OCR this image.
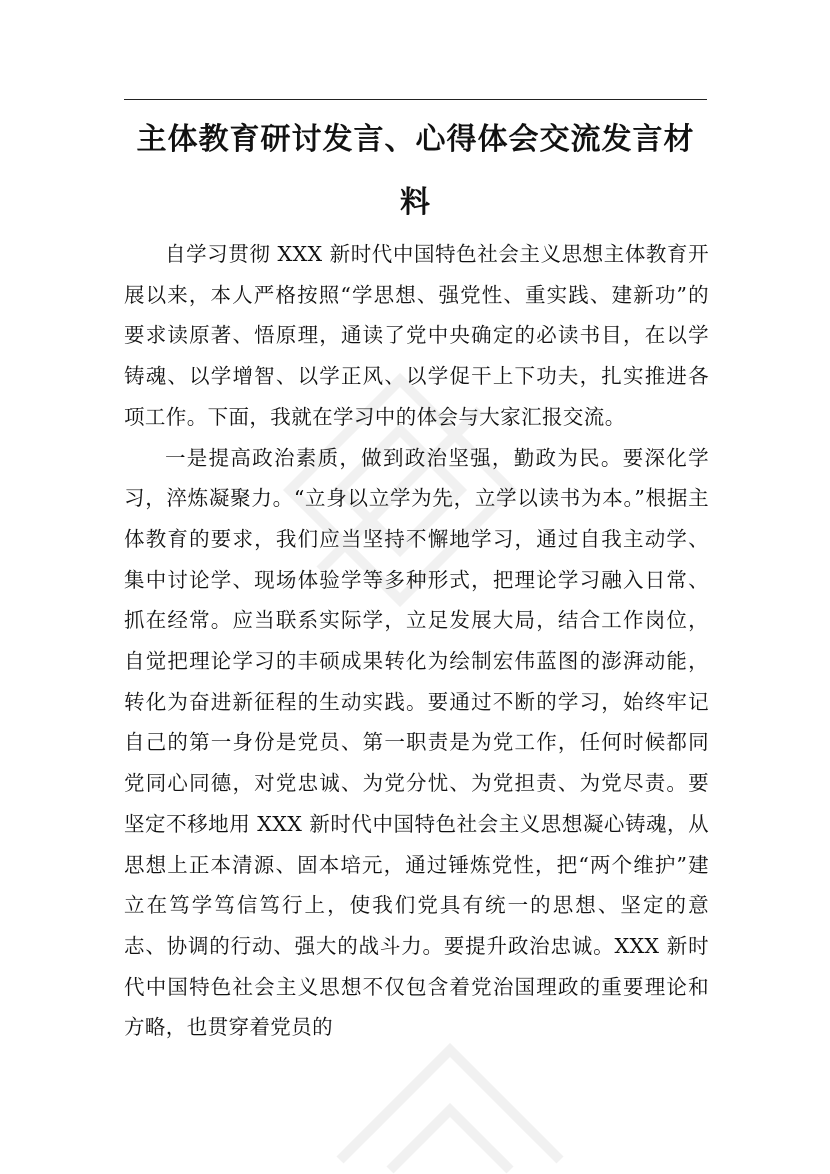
主体教育研讨发言、心得体会交流发言材料

自学习贯彻 XXX 新时代中国特色社会主义思想主体教育开展以来，本人严格按照“学思想、强党性、重实践、建新功”的要求读原著、悟原理，通读了党中央确定的必读书目，在以学铸魂、以学增智、以学正风、以学促干上下功夫，扎实推进各项工作。下面，我就在学习中的体会与大家汇报交流。

一是提高政治素质，做到政治坚强，勤政为民。要深化学习，淬炼凝聚力。“立身以立学为先，立学以读书为本。”根据主体教育的要求，我们应当坚持不懈地学习，通过自我主动学、集中讨论学、现场体验学等多种形式，把理论学习融入日常、抓在经常。应当联系实际学，立足发展大局，结合工作岗位，自觉把理论学习的丰硕成果转化为绘制宏伟蓝图的澎湃动能，转化为奋进新征程的生动实践。要通过不断的学习，始终牢记自己的第一身份是党员、第一职责是为党工作，任何时候都同党同心同德，对党忠诚、为党分忧、为党担责、为党尽责。要坚定不移地用 XXX 新时代中国特色社会主义思想凝心铸魂，从思想上正本清源、固本培元，通过锤炼党性，把“两个维护”建立在笃学笃信笃行上，使我们党具有统一的思想、坚定的意志、协调的行动、强大的战斗力。要提升政治忠诚。XXX 新时代中国特色社会主义思想不仅包含着党治国理政的重要理论和方略，也贯穿着党员的
